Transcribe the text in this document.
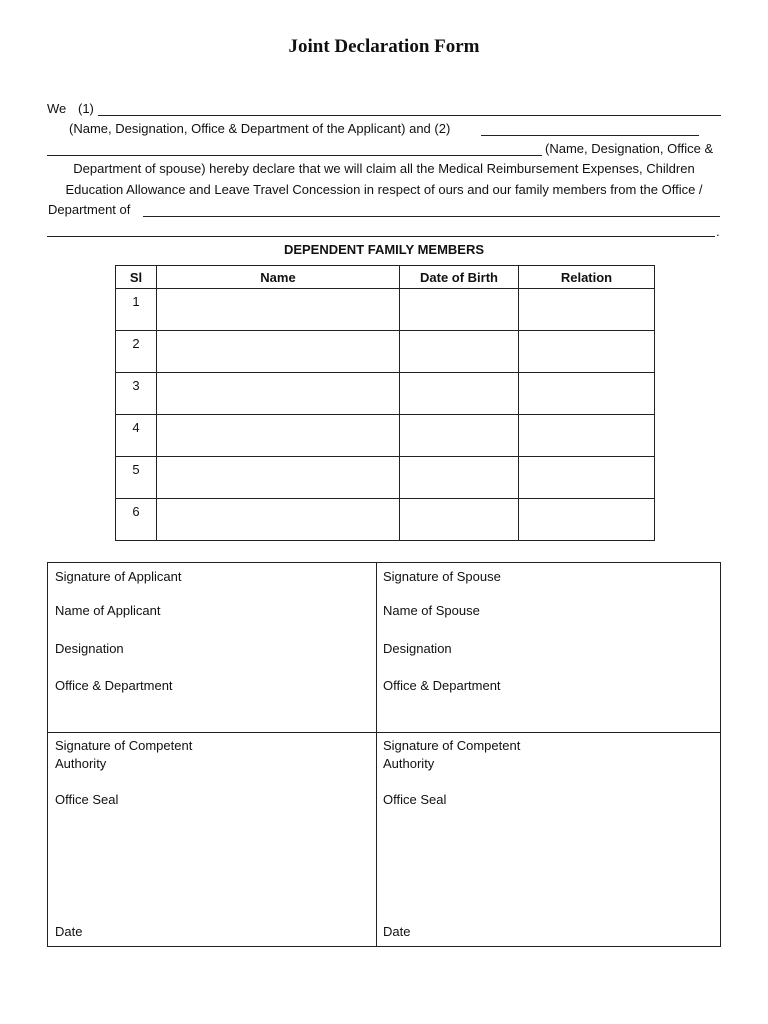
Joint Declaration Form
We (1)
(Name, Designation, Office & Department of the Applicant) and (2)
(Name, Designation, Office &
Department of spouse) hereby declare that we will claim all the Medical Reimbursement Expenses, Children
Education Allowance and Leave Travel Concession in respect of ours and our family members from the Office /
Department of
.
DEPENDENT FAMILY MEMBERS
Sl	Name	Date of Birth	Relation
1			
2			
3			
4			
5			
6			
Signature of Applicant
Name of Applicant
Designation
Office & Department
Signature of Spouse
Name of Spouse
Designation
Office & Department
Signature of Competent Authority
Office Seal
Date
Signature of Competent Authority
Office Seal
Date
